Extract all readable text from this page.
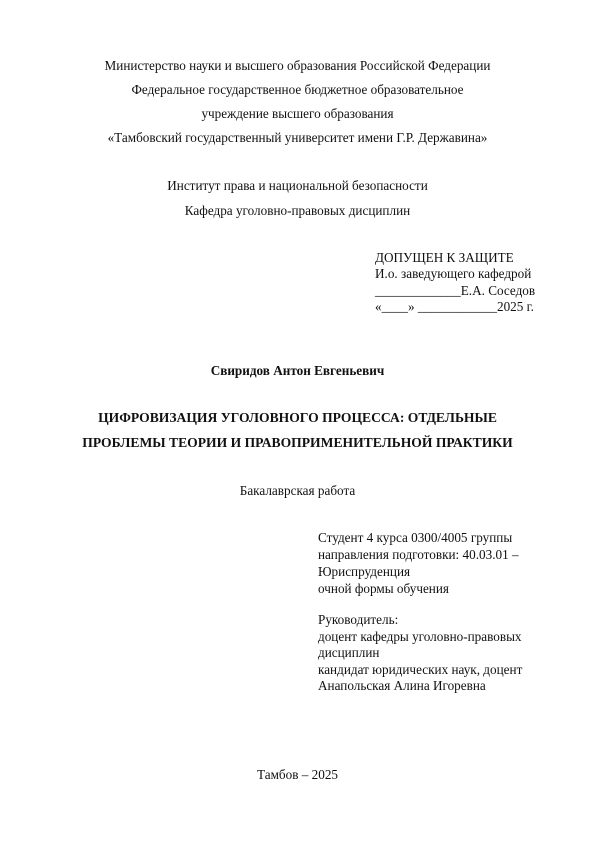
Министерство науки и высшего образования Российской Федерации
Федеральное государственное бюджетное образовательное
учреждение высшего образования
«Тамбовский государственный университет имени Г.Р. Державина»
Институт права и национальной безопасности
Кафедра уголовно-правовых дисциплин
ДОПУЩЕН К ЗАЩИТЕ
И.о. заведующего кафедрой
_____________Е.А. Соседов
«____» ____________2025 г.
Свиридов Антон Евгеньевич
ЦИФРОВИЗАЦИЯ УГОЛОВНОГО ПРОЦЕССА: ОТДЕЛЬНЫЕ
ПРОБЛЕМЫ ТЕОРИИ И ПРАВОПРИМЕНИТЕЛЬНОЙ ПРАКТИКИ
Бакалаврская работа
Студент 4 курса 0300/4005 группы
направления подготовки: 40.03.01 –
Юриспруденция
очной формы обучения
Руководитель:
доцент кафедры уголовно-правовых
дисциплин
кандидат юридических наук, доцент
Анапольская Алина Игоревна
Тамбов – 2025
